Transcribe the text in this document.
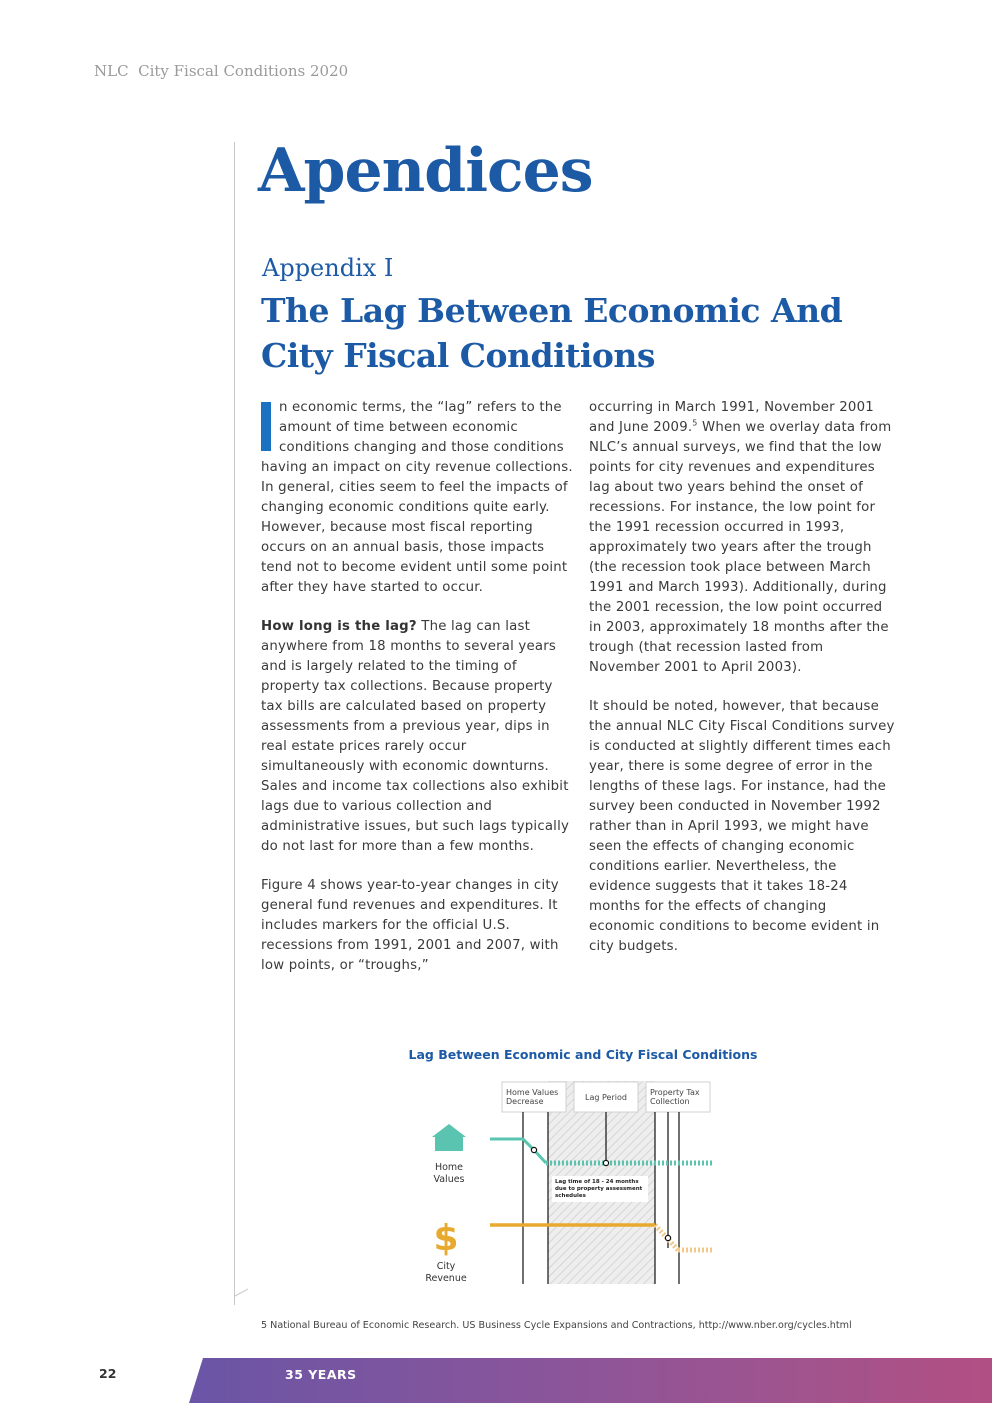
NLC  City Fiscal Conditions 2020
Apendices
Appendix I
The Lag Between Economic And
City Fiscal Conditions

n economic terms, the “lag” refers to the amount of time between economic conditions changing and those conditions having an impact on city revenue collections. In general, cities seem to feel the impacts of changing economic conditions quite early. However, because most fiscal reporting occurs on an annual basis, those impacts tend not to become evident until some point after they have started to occur.

How long is the lag? The lag can last anywhere from 18 months to several years and is largely related to the timing of property tax collections. Because property tax bills are calculated based on property assessments from a previous year, dips in real estate prices rarely occur simultaneously with economic downturns. Sales and income tax collections also exhibit lags due to various collection and administrative issues, but such lags typically do not last for more than a few months.

Figure 4 shows year-to-year changes in city general fund revenues and expenditures. It includes markers for the official U.S. recessions from 1991, 2001 and 2007, with low points, or “troughs,”

occurring in March 1991, November 2001 and June 2009.$^5$ When we overlay data from NLC’s annual surveys, we find that the low points for city revenues and expenditures lag about two years behind the onset of recessions. For instance, the low point for the 1991 recession occurred in 1993, approximately two years after the trough (the recession took place between March 1991 and March 1993). Additionally, during the 2001 recession, the low point occurred in 2003, approximately 18 months after the trough (that recession lasted from November 2001 to April 2003).

It should be noted, however, that because the annual NLC City Fiscal Conditions survey is conducted at slightly different times each year, there is some degree of error in the lengths of these lags. For instance, had the survey been conducted in November 1992 rather than in April 1993, we might have seen the effects of changing economic conditions earlier. Nevertheless, the evidence suggests that it takes 18-24 months for the effects of changing economic conditions to become evident in city budgets.

Lag Between Economic and City Fiscal Conditions
Home Values
Decrease	Lag Period
Property Tax
Collection
Lag time of 18 - 24 months
due to property assessment
schedules
Home
Values
$
City
Revenue
5 National Bureau of Economic Research. US Business Cycle Expansions and Contractions, http://www.nber.org/cycles.html
22	35 YEARS
